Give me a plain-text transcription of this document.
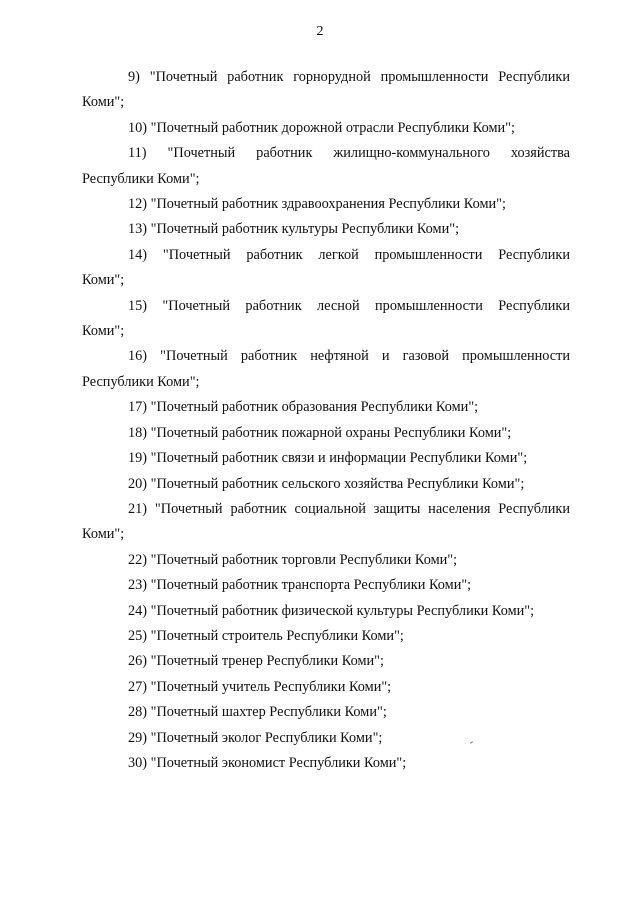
2

9) "Почетный работник горнорудной промышленности Республики
Коми";

10) "Почетный работник дорожной отрасли Республики Коми";

11) "Почетный работник жилищно-коммунального хозяйства
Республики Коми";

12) "Почетный работник здравоохранения Республики Коми";

13) "Почетный работник культуры Республики Коми";

14) "Почетный работник легкой промышленности Республики
Коми";

15) "Почетный работник лесной промышленности Республики
Коми";

16) "Почетный работник нефтяной и газовой промышленности
Республики Коми";

17) "Почетный работник образования Республики Коми";

18) "Почетный работник пожарной охраны Республики Коми";

19) "Почетный работник связи и информации Республики Коми";

20) "Почетный работник сельского хозяйства Республики Коми";

21) "Почетный работник социальной защиты населения Республики
Коми";

22) "Почетный работник торговли Республики Коми";

23) "Почетный работник транспорта Республики Коми";

24) "Почетный работник физической культуры Республики Коми";

25) "Почетный строитель Республики Коми";

26) "Почетный тренер Республики Коми";

27) "Почетный учитель Республики Коми";

28) "Почетный шахтер Республики Коми";

29) "Почетный эколог Республики Коми";

30) "Почетный экономист Республики Коми";
